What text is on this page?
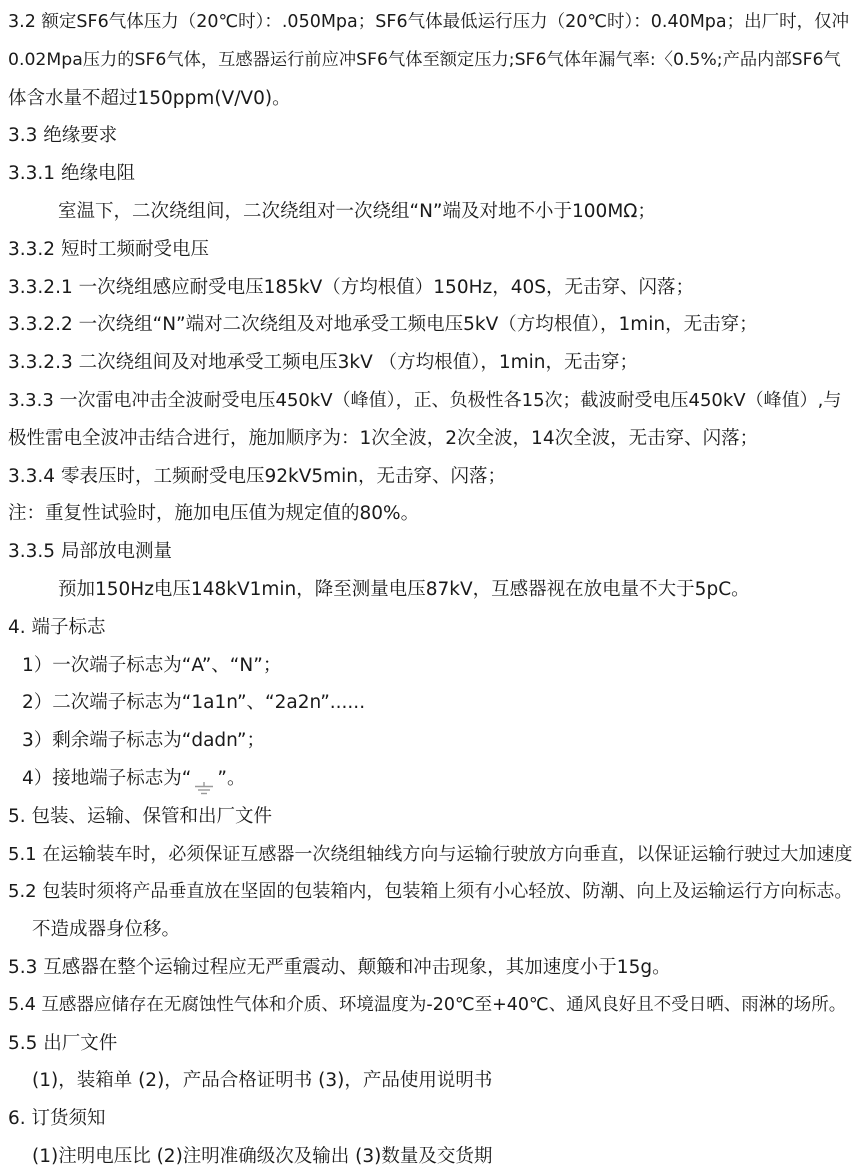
3.2 额定SF6气体压力（20℃时）：.050Mpa；SF6气体最低运行压力（20℃时）：0.40Mpa；出厂时，仅冲
0.02Mpa压力的SF6气体，互感器运行前应冲SF6气体至额定压力;SF6气体年漏气率:〈0.5%;产品内部SF6气
体含水量不超过150ppm(V/V0)。
3.3 绝缘要求
3.3.1 绝缘电阻
室温下，二次绕组间，二次绕组对一次绕组“N”端及对地不小于100MΩ；
3.3.2 短时工频耐受电压
3.3.2.1 一次绕组感应耐受电压185kV（方均根值）150Hz，40S，无击穿、闪落；
3.3.2.2 一次绕组“N”端对二次绕组及对地承受工频电压5kV（方均根值），1min，无击穿；
3.3.2.3 二次绕组间及对地承受工频电压3kV （方均根值），1min，无击穿；
3.3.3 一次雷电冲击全波耐受电压450kV（峰值），正、负极性各15次；截波耐受电压450kV（峰值）,与
极性雷电全波冲击结合进行，施加顺序为：1次全波，2次全波，14次全波，无击穿、闪落；
3.3.4 零表压时，工频耐受电压92kV5min，无击穿、闪落；
注：重复性试验时，施加电压值为规定值的80%。
3.3.5 局部放电测量
预加150Hz电压148kV1min，降至测量电压87kV，互感器视在放电量不大于5pC。
4. 端子标志
1）一次端子标志为“A”、“N”；
2）二次端子标志为“1a1n”、“2a2n”......
3）剩余端子标志为“dadn”；
4）接地端子标志为“ ”。
5. 包装、运输、保管和出厂文件
5.1 在运输装车时，必须保证互感器一次绕组轴线方向与运输行驶放方向垂直，以保证运输行驶过大加速度
5.2 包装时须将产品垂直放在坚固的包装箱内，包装箱上须有小心轻放、防潮、向上及运输运行方向标志。
不造成器身位移。
5.3 互感器在整个运输过程应无严重震动、颠簸和冲击现象，其加速度小于15g。
5.4 互感器应储存在无腐蚀性气体和介质、环境温度为-20℃至+40℃、通风良好且不受日晒、雨淋的场所。
5.5 出厂文件
(1)，装箱单 (2)，产品合格证明书 (3)，产品使用说明书
6. 订货须知
(1)注明电压比 (2)注明准确级次及输出 (3)数量及交货期
